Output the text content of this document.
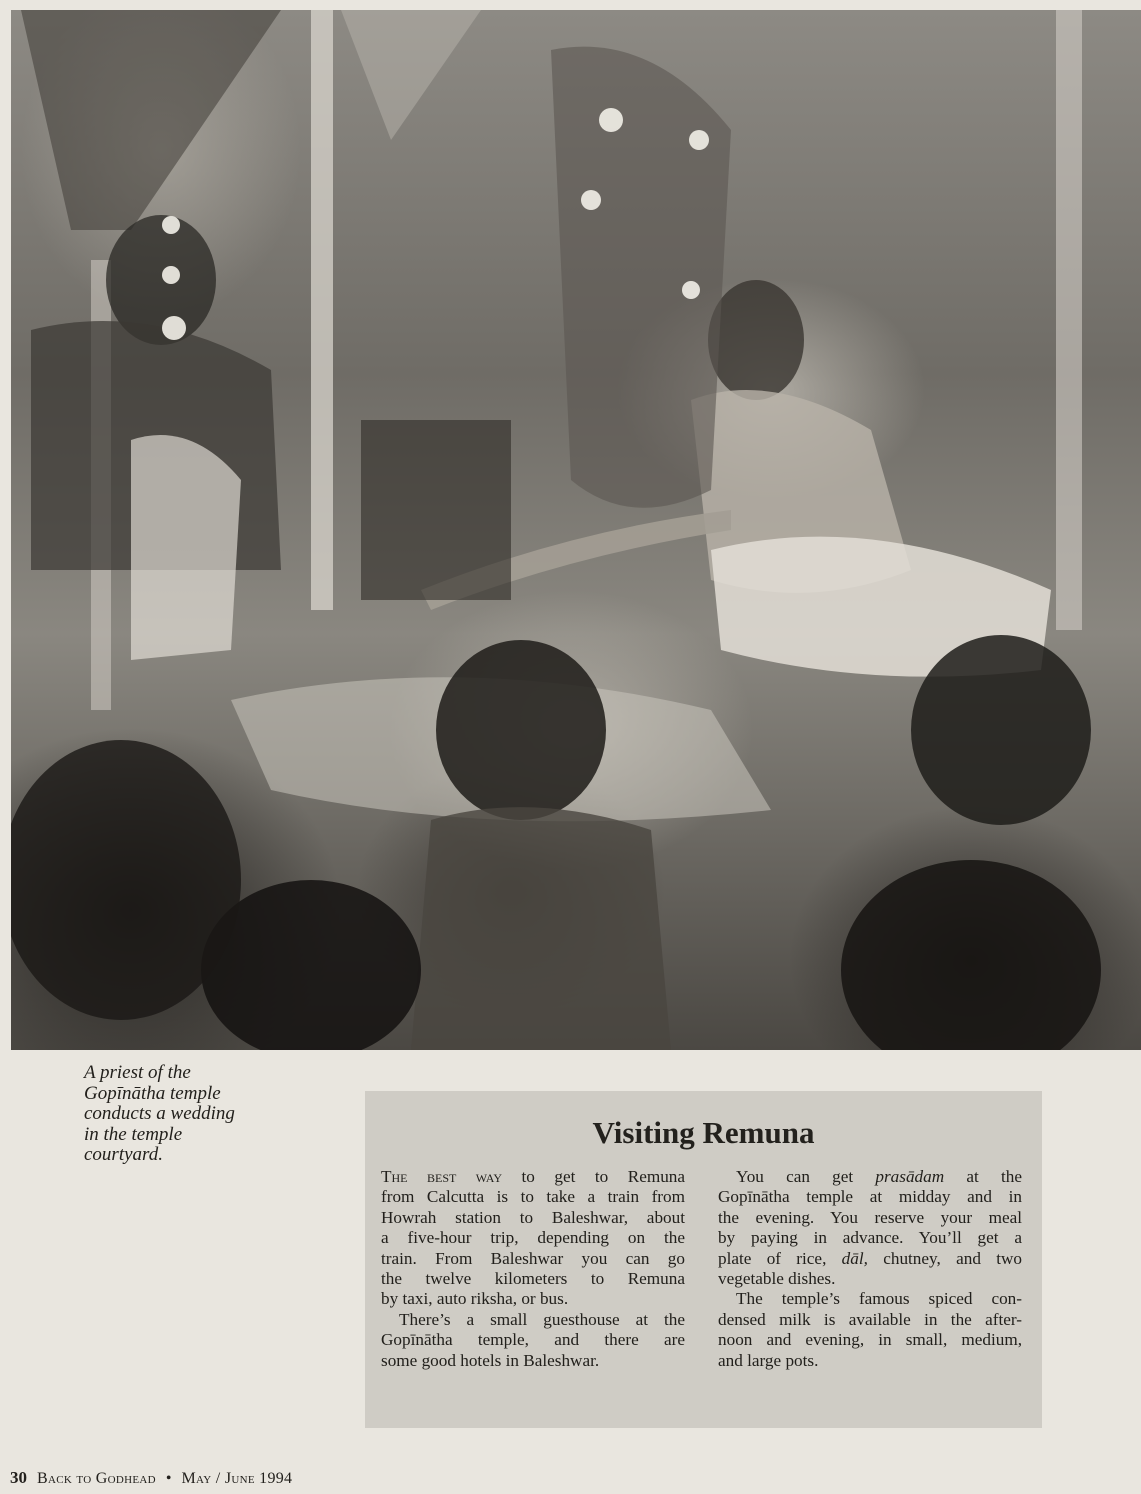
A priest of the
Gopīnātha temple
conducts a wedding
in the temple
courtyard.
Visiting Remuna
The best way to get to Remuna
from Calcutta is to take a train from
Howrah station to Baleshwar, about
a five-hour trip, depending on the
train. From Baleshwar you can go
the twelve kilometers to Remuna
by taxi, auto riksha, or bus.
There’s a small guesthouse at the
Gopīnātha temple, and there are
some good hotels in Baleshwar.
You can get prasādam at the
Gopīnātha temple at midday and in
the evening. You reserve your meal
by paying in advance. You’ll get a
plate of rice, dāl, chutney, and two
vegetable dishes.
The temple’s famous spiced con-
densed milk is available in the after-
noon and evening, in small, medium,
and large pots.
30 Back to Godhead • May / June 1994
